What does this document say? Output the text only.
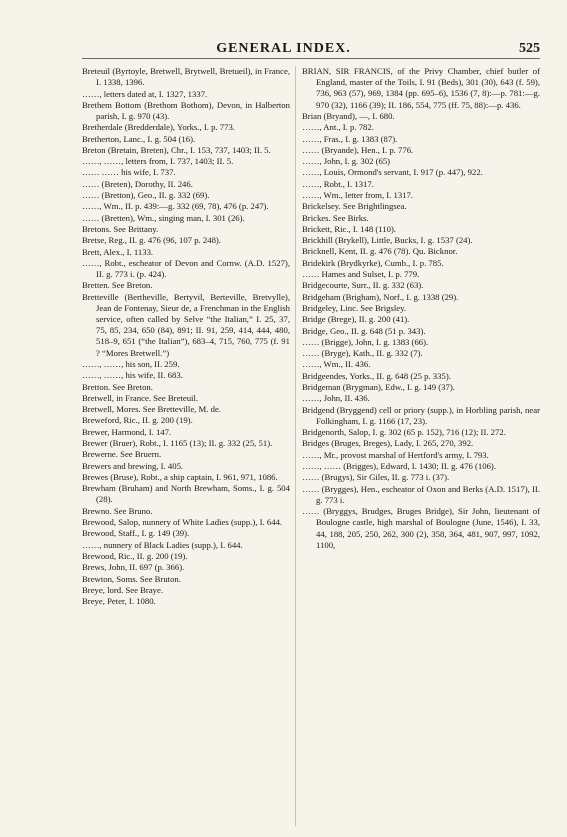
GENERAL INDEX.	525
Breteuil (Byrtoyle, Bretwell, Brytwell, Bretueil), in France, I. 1338, 1396.
……, letters dated at, I. 1327, 1337.
Brethem Bottom (Brethom Bothom), Devon, in Halberton parish, I. g. 970 (43).
Bretherdale (Bredderdale), Yorks., I. p. 773.
Bretherton, Lanc., I. g. 504 (16).
Breton (Bretain, Breten), Chr., I. 153, 737, 1403; II. 5.
……, ……, letters from, I. 737, 1403; II. 5.
…… …… his wife, I. 737.
…… (Breten), Dorothy, II. 246.
…… (Bretton), Geo., II. g. 332 (69).
……, Wm., II. p. 439:—g. 332 (69, 78), 476 (p. 247).
…… (Bretten), Wm., singing man, I. 301 (26).
Bretons. See Brittany.
Bretse, Reg., II. g. 476 (96, 107 p. 248).
Brett, Alex., I. 1133.
……, Robt., escheator of Devon and Cornw. (A.D. 1527), II. g. 773 i. (p. 424).
Bretten. See Breton.
Bretteville (Bertheville, Bertyvil, Berteville, Bretvylle), Jean de Fontenay, Sieur de, a Frenchman in the English service, often called by Selve “the Italian,” I. 25, 37, 75, 85, 234, 650 (84), 891; II. 91, 259, 414, 444, 480, 518–9, 651 (“the Italian”), 683–4, 715, 760, 775 (f. 91 ? “Mores Bretwell.”)
……, ……, his son, II. 259.
……, ……, his wife, II. 683.
Bretton. See Breton.
Bretwell, in France. See Breteuil.
Bretwell, Mores. See Bretteville, M. de.
Breweford, Ric., II. g. 200 (19).
Brewer, Harmond, I. 147.
Brewer (Bruer), Robt., I. 1165 (13); II. g. 332 (25, 51).
Brewerne. See Bruern.
Brewers and brewing, I. 405.
Brewes (Bruse), Robt., a ship captain, I. 961, 971, 1086.
Brewham (Bruham) and North Brewham, Soms., I. g. 504 (28).
Brewno. See Bruno.
Brewood, Salop, nunnery of White Ladies (supp.), I. 644.
Brewood, Staff., I. g. 149 (39).
……, nunnery of Black Ladies (supp.), I. 644.
Brewood, Ric., II. g. 200 (19).
Brews, John, II. 697 (p. 366).
Brewton, Soms. See Bruton.
Breye, lord. See Braye.
Breye, Peter, I. 1080.
BRIAN, SIR FRANCIS, of the Privy Chamber, chief butler of England, master of the Toils, I. 91 (Beds), 301 (30), 643 (f. 59), 736, 963 (57), 969, 1384 (pp. 695–6), 1536 (7, 8):—p. 781:—g. 970 (32), 1166 (39); II. 186, 554, 775 (ff. 75, 88):—p. 436.
Brian (Bryand), —, I. 680.
……, Ant., I. p. 782.
……, Fras., I. g. 1383 (87).
…… (Bryande), Hen., I. p. 776.
……, John, I. g. 302 (65)
……, Louis, Ormond's servant, I. 917 (p. 447), 922.
……, Robt., I. 1317.
……, Wm., letter from, I. 1317.
Brickelsey. See Brightlingsea.
Brickes. See Birks.
Brickett, Ric., I. 148 (110).
Brickhill (Brykell), Little, Bucks, I. g. 1537 (24).
Bricknell, Kent, II. g. 476 (78). Qu. Bicknor.
Bridekirk (Brydkyrke), Cumb., I. p. 785.
…… Hames and Sulset, I. p. 779.
Bridgecourte, Surr., II. g. 332 (63).
Bridgeham (Brigham), Norf., I. g. 1338 (29).
Bridgeley, Linc. See Brigsley.
Bridge (Brege), II. g. 200 (41).
Bridge, Geo., II. g. 648 (51 p. 343).
…… (Brigge), John, I. g. 1383 (66).
…… (Bryge), Kath., II. g. 332 (7).
……, Wm., II. 436.
Bridgeendes, Yorks., II. g. 648 (25 p. 335).
Bridgeman (Brygman), Edw., I. g. 149 (37).
……, John, II. 436.
Bridgend (Bryggend) cell or priory (supp.), in Horbling parish, near Folkingham, I. g. 1166 (17, 23).
Bridgenorth, Salop, I. g. 302 (65 p. 152), 716 (12); II. 272.
Bridges (Bruges, Breges), Lady, I. 265, 270, 392.
……, Mr., provost marshal of Hertford's army, I. 793.
……, …… (Brigges), Edward, I. 1430; II. g. 476 (106).
…… (Brugys), Sir Giles, II. g. 773 i. (37).
…… (Brygges), Hen., escheator of Oxon and Berks (A.D. 1517), II. g. 773 i.
…… (Bryggys, Brudges, Bruges Bridge), Sir John, lieutenant of Boulogne castle, high marshal of Boulogne (June, 1546), I. 33, 44, 188, 205, 250, 262, 300 (2), 358, 364, 481, 907, 997, 1092, 1100,
